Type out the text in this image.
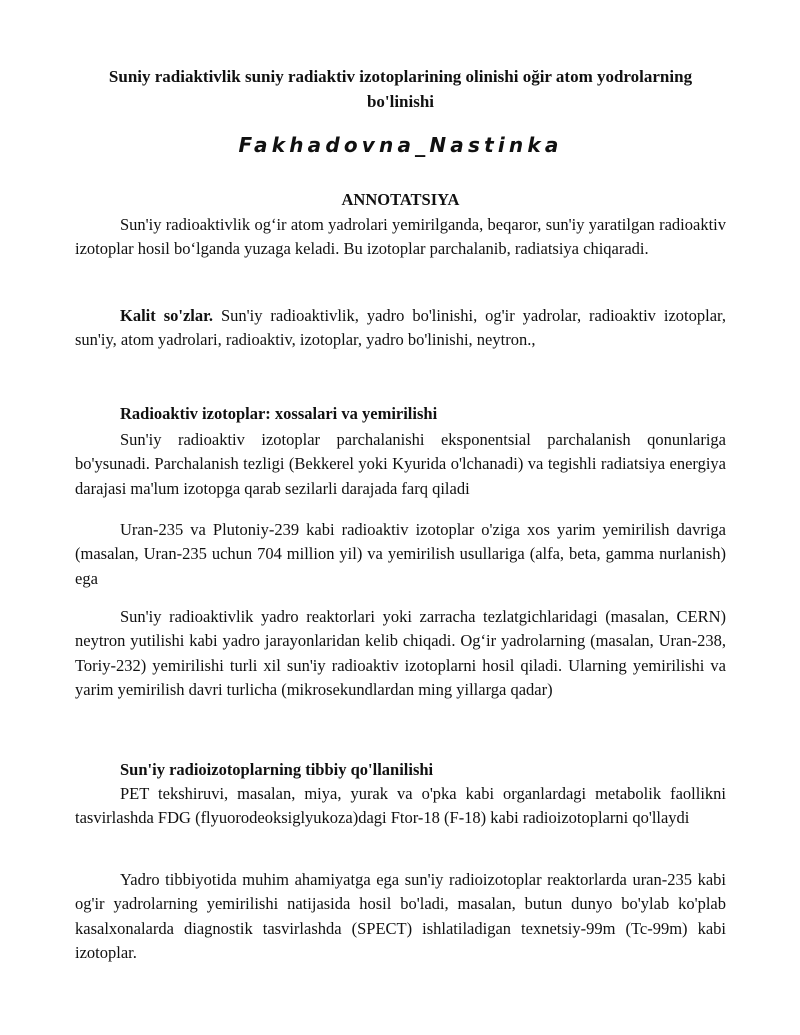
Suniy radiaktivlik suniy radiaktiv izotoplarining olinishi oğir atom yodrolarning bo'linishi
Fakhadovna_Nastinka
ANNOTATSIYA

Sun'iy radioaktivlik og‘ir atom yadrolari yemirilganda, beqaror, sun'iy yaratilgan radioaktiv izotoplar hosil bo‘lganda yuzaga keladi. Bu izotoplar parchalanib, radiatsiya chiqaradi.

Kalit so'zlar. Sun'iy radioaktivlik, yadro bo'linishi, og'ir yadrolar, radioaktiv izotoplar, sun'iy, atom yadrolari, radioaktiv, izotoplar, yadro bo'linishi, neytron.,

Radioaktiv izotoplar: xossalari va yemirilishi

Sun'iy radioaktiv izotoplar parchalanishi eksponentsial parchalanish qonunlariga bo'ysunadi. Parchalanish tezligi (Bekkerel yoki Kyurida o'lchanadi) va tegishli radiatsiya energiya darajasi ma'lum izotopga qarab sezilarli darajada farq qiladi

Uran-235 va Plutoniy-239 kabi radioaktiv izotoplar o'ziga xos yarim yemirilish davriga (masalan, Uran-235 uchun 704 million yil) va yemirilish usullariga (alfa, beta, gamma nurlanish) ega

Sun'iy radioaktivlik yadro reaktorlari yoki zarracha tezlatgichlaridagi (masalan, CERN) neytron yutilishi kabi yadro jarayonlaridan kelib chiqadi. Og‘ir yadrolarning (masalan, Uran-238, Toriy-232) yemirilishi turli xil sun'iy radioaktiv izotoplarni hosil qiladi. Ularning yemirilishi va yarim yemirilish davri turlicha (mikrosekundlardan ming yillarga qadar)

Sun'iy radioizotoplarning tibbiy qo'llanilishi

PET tekshiruvi, masalan, miya, yurak va o'pka kabi organlardagi metabolik faollikni tasvirlashda FDG (flyuorodeoksiglyukoza)dagi Ftor-18 (F-18) kabi radioizotoplarni qo'llaydi

Yadro tibbiyotida muhim ahamiyatga ega sun'iy radioizotoplar reaktorlarda uran-235 kabi og'ir yadrolarning yemirilishi natijasida hosil bo'ladi, masalan, butun dunyo bo'ylab ko'plab kasalxonalarda diagnostik tasvirlashda (SPECT) ishlatiladigan texnetsiy-99m (Tc-99m) kabi izotoplar.
